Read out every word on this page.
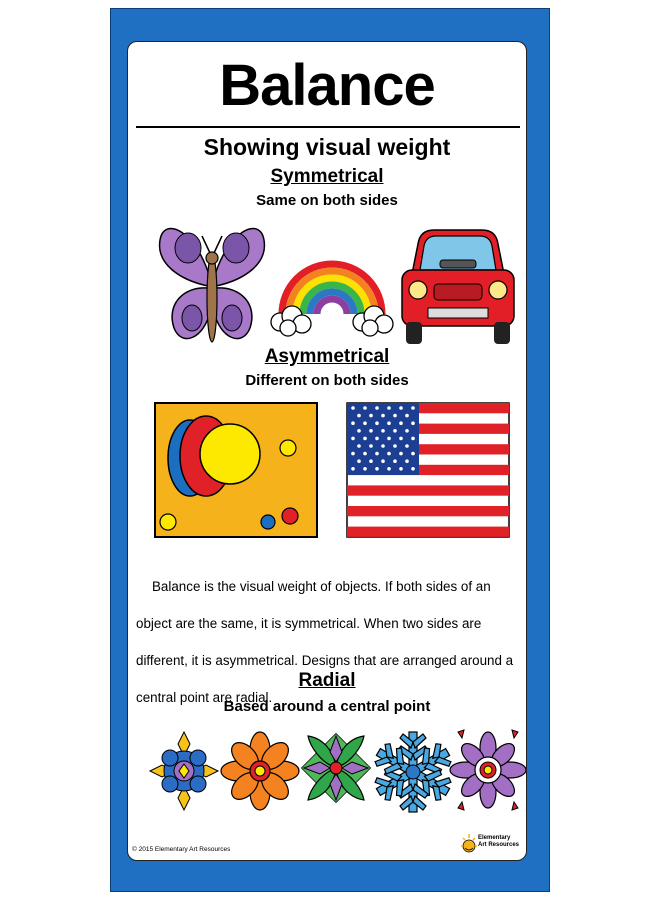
Balance
Showing visual weight
Symmetrical
Same on both sides
Asymmetrical
Different on both sides

Balance is the visual weight of objects. If both sides of an object are the same, it is symmetrical. When two sides are different, it is asymmetrical. Designs that are arranged around a central point are radial.

Radial
Based around a central point
© 2015 Elementary Art Resources
Elementary
Art Resources
